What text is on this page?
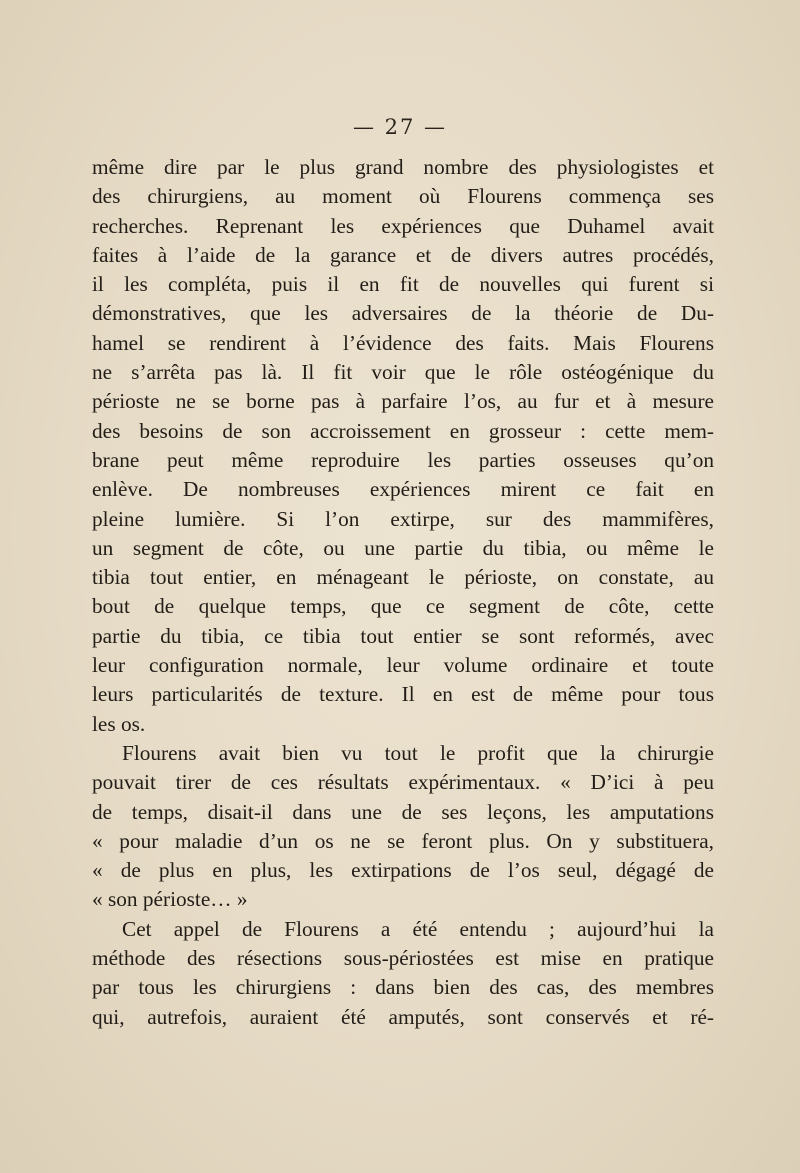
— 27 —
même dire par le plus grand nombre des physiologistes et
des chirurgiens, au moment où Flourens commença ses
recherches. Reprenant les expériences que Duhamel avait
faites à l’aide de la garance et de divers autres procédés,
il les compléta, puis il en fit de nouvelles qui furent si
démonstratives, que les adversaires de la théorie de Du-
hamel se rendirent à l’évidence des faits. Mais Flourens
ne s’arrêta pas là. Il fit voir que le rôle ostéogénique du
périoste ne se borne pas à parfaire l’os, au fur et à mesure
des besoins de son accroissement en grosseur : cette mem-
brane peut même reproduire les parties osseuses qu’on
enlève. De nombreuses expériences mirent ce fait en
pleine lumière. Si l’on extirpe, sur des mammifères,
un segment de côte, ou une partie du tibia, ou même le
tibia tout entier, en ménageant le périoste, on constate, au
bout de quelque temps, que ce segment de côte, cette
partie du tibia, ce tibia tout entier se sont reformés, avec
leur configuration normale, leur volume ordinaire et toute
leurs particularités de texture. Il en est de même pour tous
les os.
Flourens avait bien vu tout le profit que la chirurgie
pouvait tirer de ces résultats expérimentaux. « D’ici à peu
de temps, disait-il dans une de ses leçons, les amputations
« pour maladie d’un os ne se feront plus. On y substituera,
« de plus en plus, les extirpations de l’os seul, dégagé de
« son périoste… »
Cet appel de Flourens a été entendu ; aujourd’hui la
méthode des résections sous-périostées est mise en pratique
par tous les chirurgiens : dans bien des cas, des membres
qui, autrefois, auraient été amputés, sont conservés et ré-
